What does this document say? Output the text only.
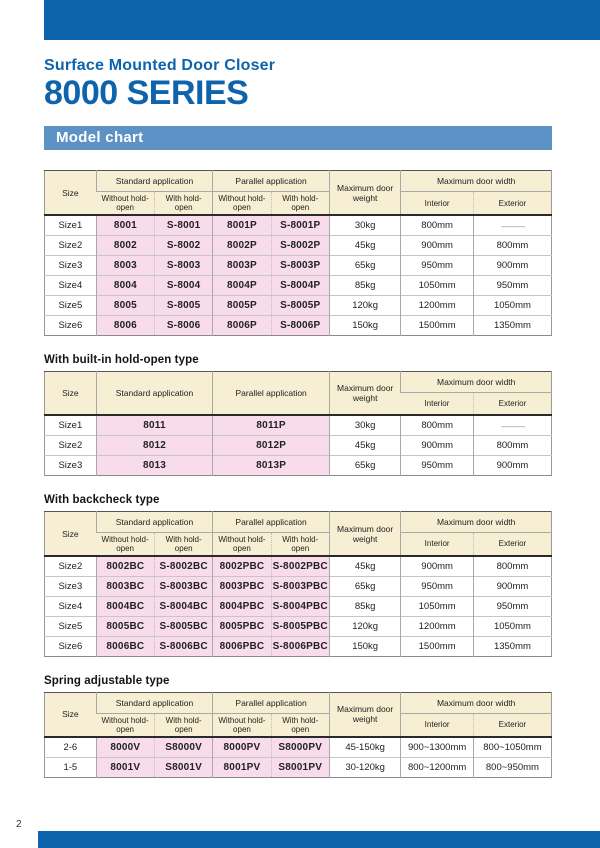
Surface Mounted Door Closer
8000 SERIES
Model chart
Size	Standard application		Parallel application		Maximum door weight	Maximum door width	
	Without hold-open	With hold-open	Without hold-open	With hold-open		Interior	Exterior
Size1	8001	S-8001	8001P	S-8001P	30kg	800mm	———
Size2	8002	S-8002	8002P	S-8002P	45kg	900mm	800mm
Size3	8003	S-8003	8003P	S-8003P	65kg	950mm	900mm
Size4	8004	S-8004	8004P	S-8004P	85kg	1050mm	950mm
Size5	8005	S-8005	8005P	S-8005P	120kg	1200mm	1050mm
Size6	8006	S-8006	8006P	S-8006P	150kg	1500mm	1350mm
With built-in hold-open type
Size	Standard application	Parallel application	Maximum door weight	Maximum door width	
				Interior	Exterior
Size1	8011	8011P	30kg	800mm	———
Size2	8012	8012P	45kg	900mm	800mm
Size3	8013	8013P	65kg	950mm	900mm
With backcheck type
Size	Standard application		Parallel application		Maximum door weight	Maximum door width	
	Without hold-open	With hold-open	Without hold-open	With hold-open		Interior	Exterior
Size2	8002BC	S-8002BC	8002PBC	S-8002PBC	45kg	900mm	800mm
Size3	8003BC	S-8003BC	8003PBC	S-8003PBC	65kg	950mm	900mm
Size4	8004BC	S-8004BC	8004PBC	S-8004PBC	85kg	1050mm	950mm
Size5	8005BC	S-8005BC	8005PBC	S-8005PBC	120kg	1200mm	1050mm
Size6	8006BC	S-8006BC	8006PBC	S-8006PBC	150kg	1500mm	1350mm
Spring adjustable type
Size	Standard application		Parallel application		Maximum door weight	Maximum door width	
	Without hold-open	With hold-open	Without hold-open	With hold-open		Interior	Exterior
2-6	8000V	S8000V	8000PV	S8000PV	45-150kg	900~1300mm	800~1050mm
1-5	8001V	S8001V	8001PV	S8001PV	30-120kg	800~1200mm	800~950mm
2
